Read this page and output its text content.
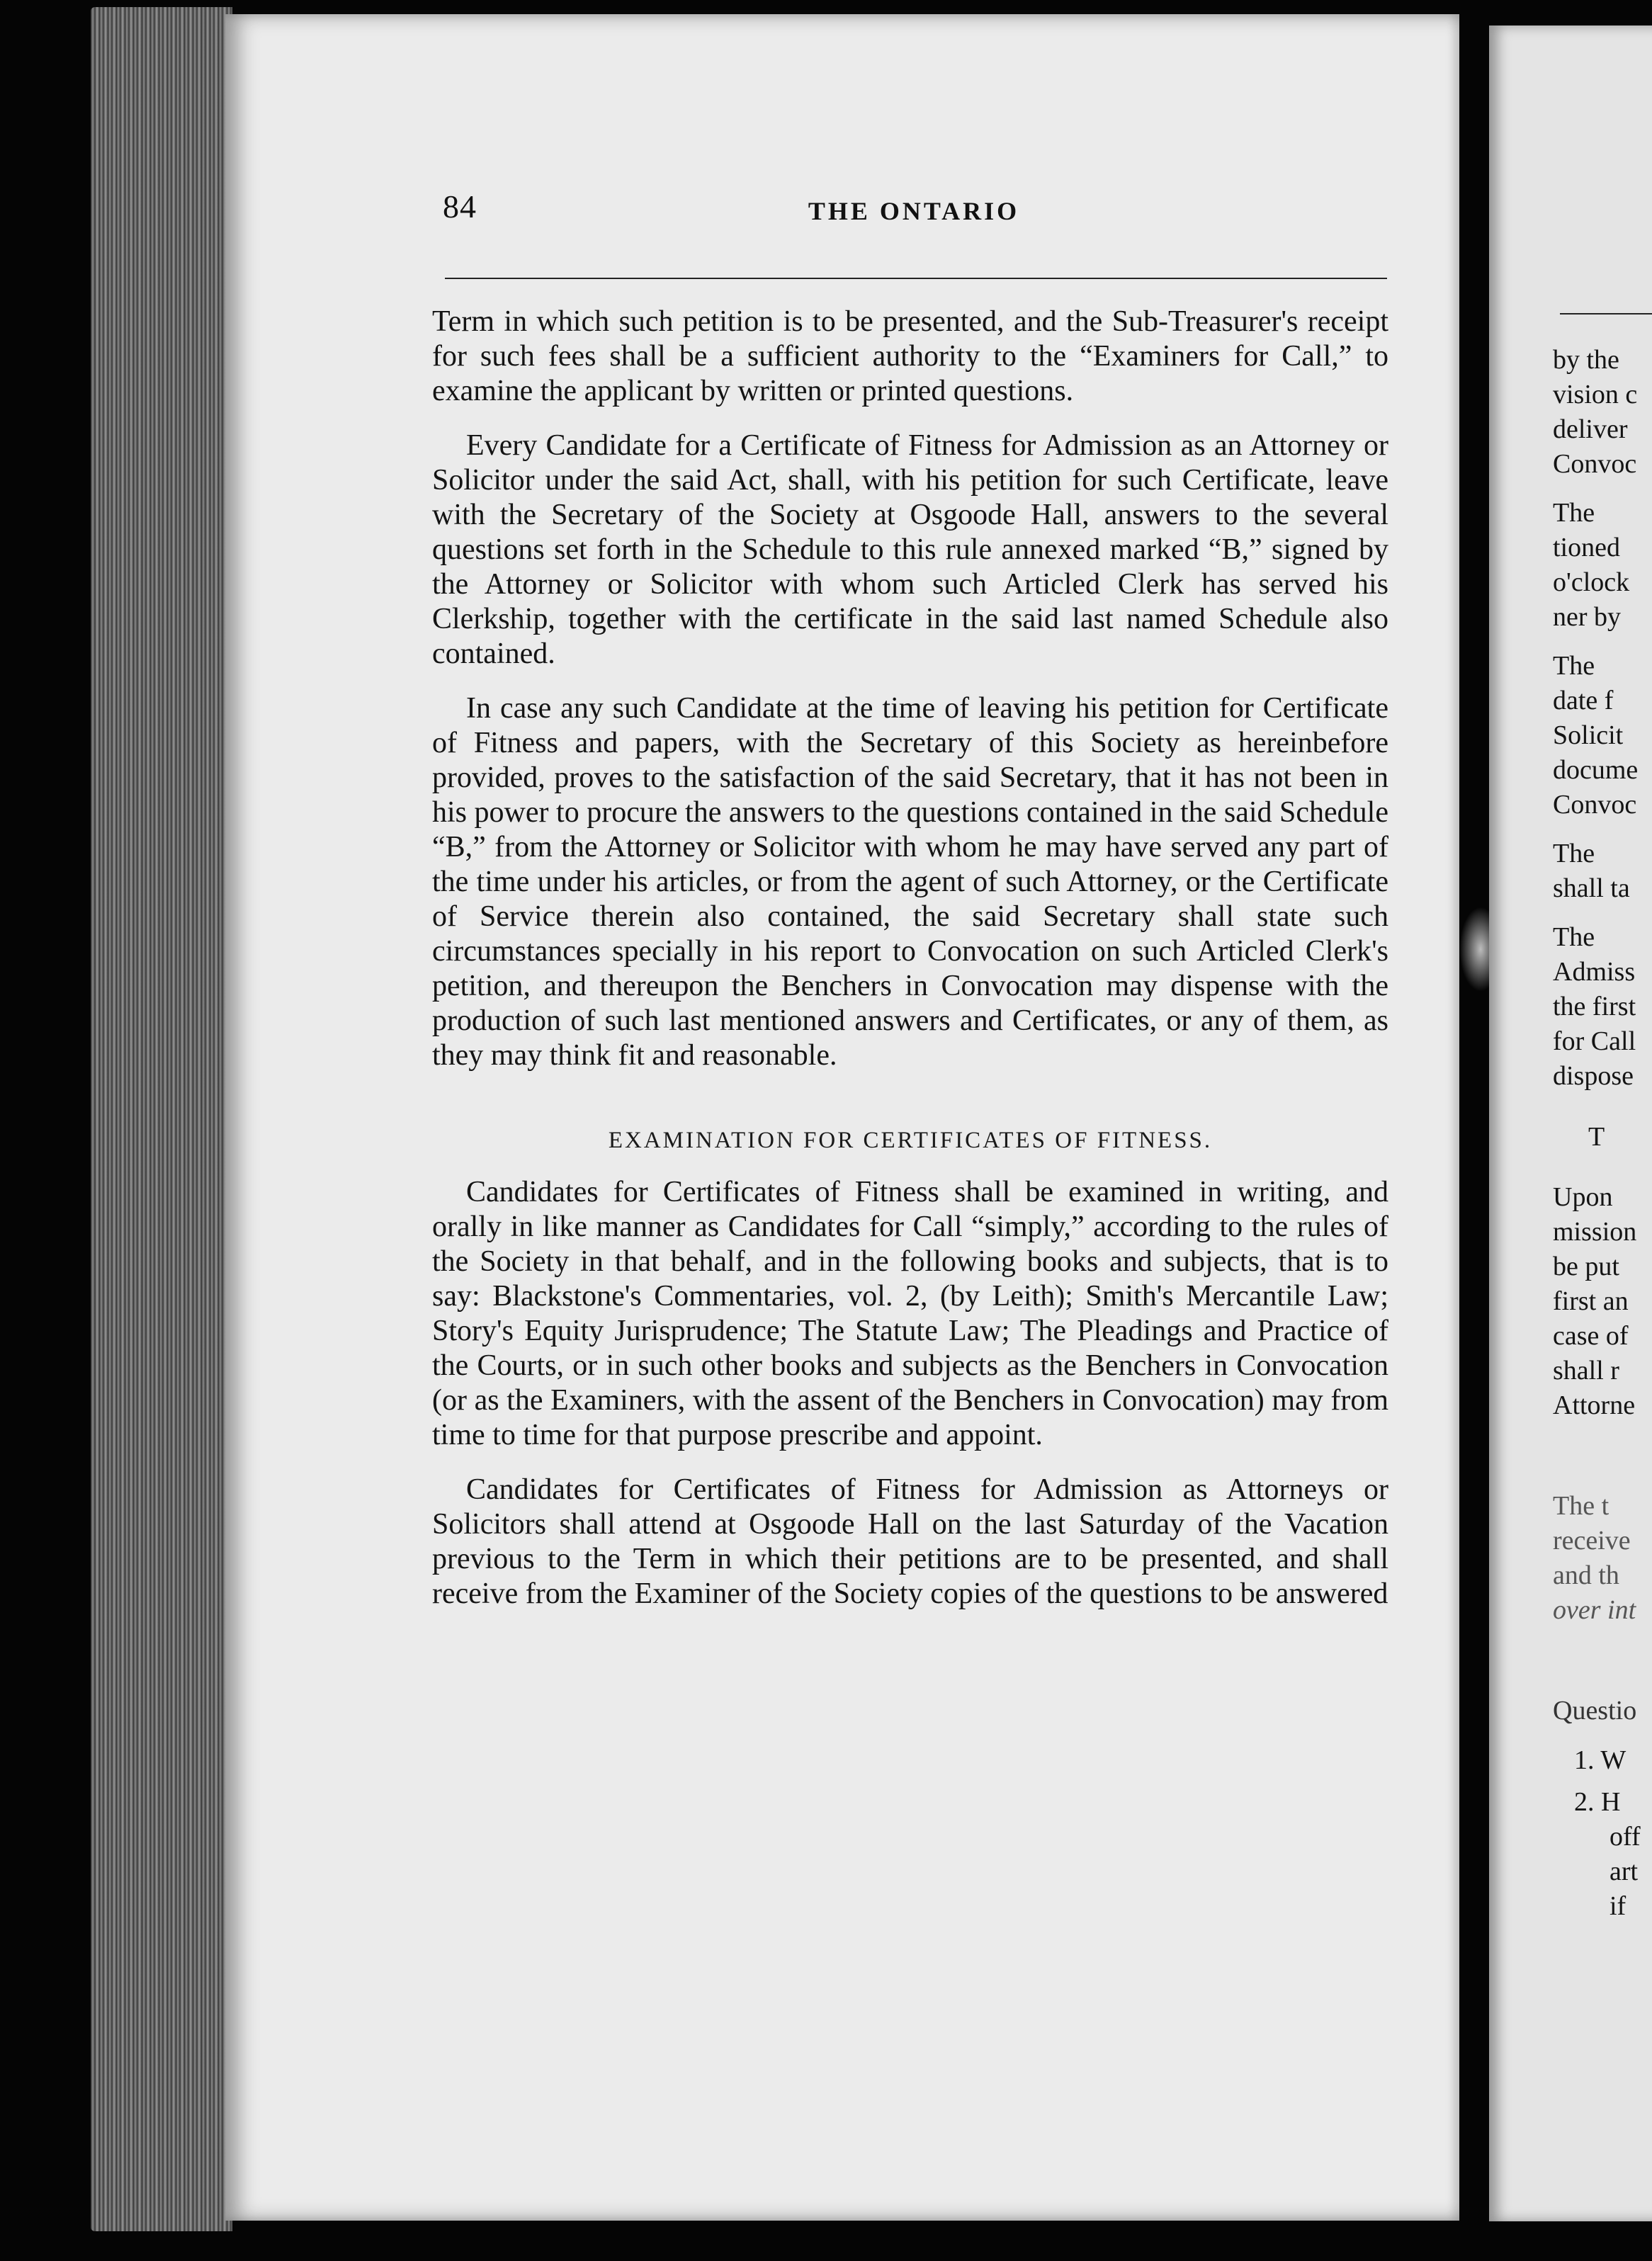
84	THE ONTARIO

Term in which such petition is to be presented, and the Sub-Treasurer's receipt for such fees shall be a sufficient authority to the “Examiners for Call,” to examine the applicant by written or printed questions.

Every Candidate for a Certificate of Fitness for Admission as an Attorney or Solicitor under the said Act, shall, with his petition for such Certificate, leave with the Secretary of the Society at Osgoode Hall, answers to the several questions set forth in the Schedule to this rule annexed marked “B,” signed by the Attorney or Solicitor with whom such Articled Clerk has served his Clerkship, together with the certificate in the said last named Schedule also contained.

In case any such Candidate at the time of leaving his petition for Certificate of Fitness and papers, with the Secretary of this Society as hereinbefore provided, proves to the satisfaction of the said Secretary, that it has not been in his power to procure the answers to the questions contained in the said Schedule “B,” from the Attorney or Solicitor with whom he may have served any part of the time under his articles, or from the agent of such Attorney, or the Certificate of Service therein also contained, the said Secretary shall state such circumstances specially in his report to Convocation on such Articled Clerk's petition, and thereupon the Benchers in Convocation may dispense with the production of such last mentioned answers and Certificates, or any of them, as they may think fit and reasonable.

EXAMINATION FOR CERTIFICATES OF FITNESS.

Candidates for Certificates of Fitness shall be examined in writing, and orally in like manner as Candidates for Call “simply,” according to the rules of the Society in that behalf, and in the following books and subjects, that is to say: Blackstone's Commentaries, vol. 2, (by Leith); Smith's Mercantile Law; Story's Equity Jurisprudence; The Statute Law; The Pleadings and Practice of the Courts, or in such other books and subjects as the Benchers in Convocation (or as the Examiners, with the assent of the Benchers in Convocation) may from time to time for that purpose prescribe and appoint.

Candidates for Certificates of Fitness for Admission as Attorneys or Solicitors shall attend at Osgoode Hall on the last Saturday of the Vacation previous to the Term in which their petitions are to be presented, and shall receive from the Examiner of the Society copies of the questions to be answered

by the
vision c
deliver
Convoc
The
tioned
o'clock
ner by
The
date f
Solicit
docume
Convoc
The
shall ta
The
Admiss
the first
for Call
dispose
T
Upon
mission
be put
first an
case of
shall r
Attorne
The t
receive
and th
over int
Questio
1. W
2. H
off
art
if
